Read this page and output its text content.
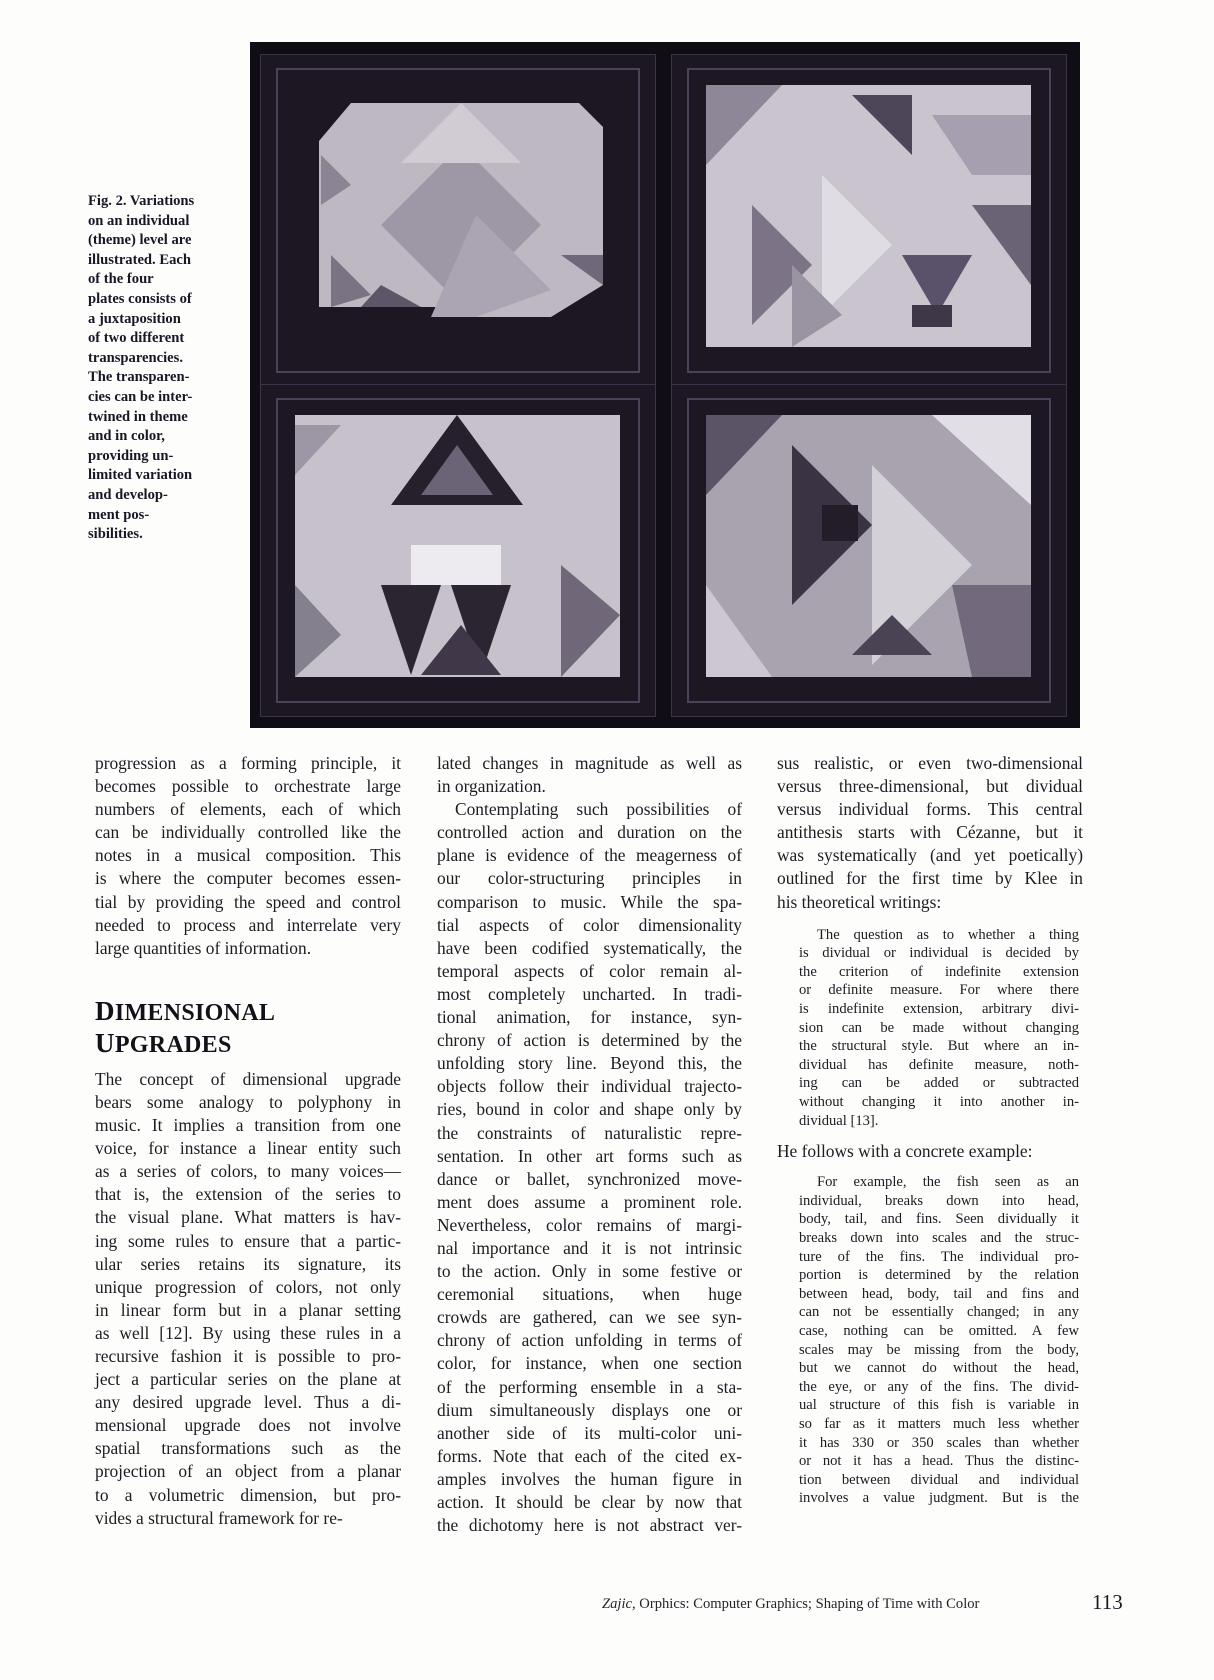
Fig. 2. Variations
on an individual
(theme) level are
illustrated. Each
of the four
plates consists of
a juxtaposition
of two different
transparencies.
The transparen-
cies can be inter-
twined in theme
and in color,
providing un-
limited variation
and develop-
ment pos-
sibilities.
progression as a forming principle, it
becomes possible to orchestrate large
numbers of elements, each of which
can be individually controlled like the
notes in a musical composition. This
is where the computer becomes essen-
tial by providing the speed and control
needed to process and interrelate very
large quantities of information.
DIMENSIONAL
UPGRADES
The concept of dimensional upgrade
bears some analogy to polyphony in
music. It implies a transition from one
voice, for instance a linear entity such
as a series of colors, to many voices—
that is, the extension of the series to
the visual plane. What matters is hav-
ing some rules to ensure that a partic-
ular series retains its signature, its
unique progression of colors, not only
in linear form but in a planar setting
as well [12]. By using these rules in a
recursive fashion it is possible to pro-
ject a particular series on the plane at
any desired upgrade level. Thus a di-
mensional upgrade does not involve
spatial transformations such as the
projection of an object from a planar
to a volumetric dimension, but pro-
vides a structural framework for re-
lated changes in magnitude as well as
in organization.
Contemplating such possibilities of
controlled action and duration on the
plane is evidence of the meagerness of
our color-structuring principles in
comparison to music. While the spa-
tial aspects of color dimensionality
have been codified systematically, the
temporal aspects of color remain al-
most completely uncharted. In tradi-
tional animation, for instance, syn-
chrony of action is determined by the
unfolding story line. Beyond this, the
objects follow their individual trajecto-
ries, bound in color and shape only by
the constraints of naturalistic repre-
sentation. In other art forms such as
dance or ballet, synchronized move-
ment does assume a prominent role.
Nevertheless, color remains of margi-
nal importance and it is not intrinsic
to the action. Only in some festive or
ceremonial situations, when huge
crowds are gathered, can we see syn-
chrony of action unfolding in terms of
color, for instance, when one section
of the performing ensemble in a sta-
dium simultaneously displays one or
another side of its multi-color uni-
forms. Note that each of the cited ex-
amples involves the human figure in
action. It should be clear by now that
the dichotomy here is not abstract ver-
sus realistic, or even two-dimensional
versus three-dimensional, but dividual
versus individual forms. This central
antithesis starts with Cézanne, but it
was systematically (and yet poetically)
outlined for the first time by Klee in
his theoretical writings:
The question as to whether a thing
is dividual or individual is decided by
the criterion of indefinite extension
or definite measure. For where there
is indefinite extension, arbitrary divi-
sion can be made without changing
the structural style. But where an in-
dividual has definite measure, noth-
ing can be added or subtracted
without changing it into another in-
dividual [13].
He follows with a concrete example:
For example, the fish seen as an
individual, breaks down into head,
body, tail, and fins. Seen dividually it
breaks down into scales and the struc-
ture of the fins. The individual pro-
portion is determined by the relation
between head, body, tail and fins and
can not be essentially changed; in any
case, nothing can be omitted. A few
scales may be missing from the body,
but we cannot do without the head,
the eye, or any of the fins. The divid-
ual structure of this fish is variable in
so far as it matters much less whether
it has 330 or 350 scales than whether
or not it has a head. Thus the distinc-
tion between dividual and individual
involves a value judgment. But is the
Zajic, Orphics: Computer Graphics; Shaping of Time with Color	113
